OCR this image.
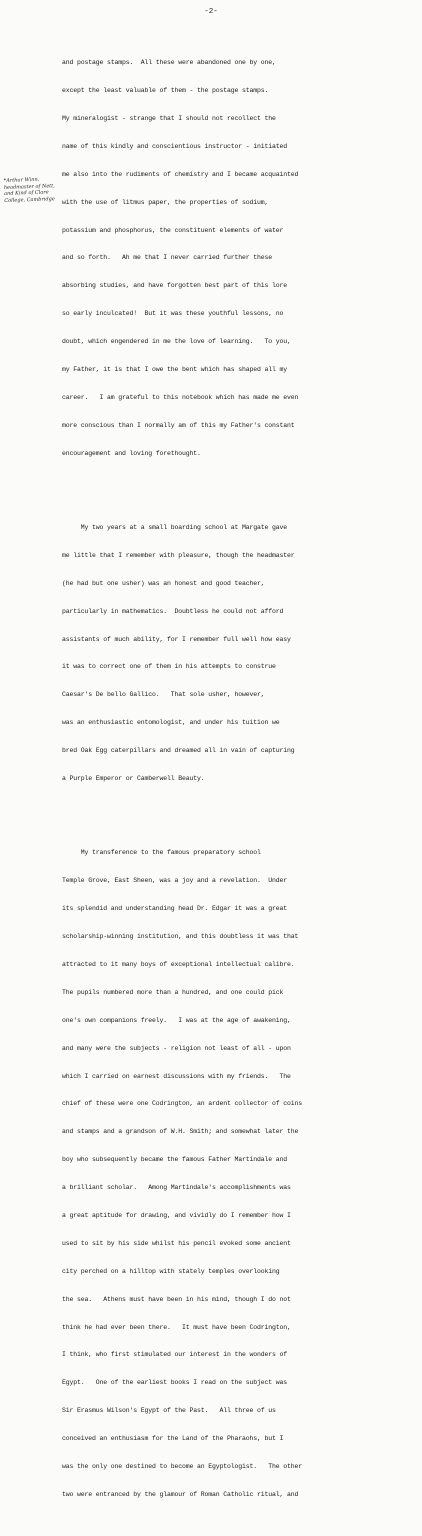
-2-

and postage stamps.  All these were abandoned one by one,

except the least valuable of them - the postage stamps.

My mineralogist - strange that I should not recollect the

name of this kindly and conscientious instructor - initiated

me also into the rudiments of chemistry and I became acquainted

with the use of litmus paper, the properties of sodium,

potassium and phosphorus, the constituent elements of water

and so forth.   Ah me that I never carried further these

absorbing studies, and have forgotten best part of this lore

so early inculcated!  But it was these youthful lessons, no

doubt, which engendered in me the love of learning.   To you,

my Father, it is that I owe the bent which has shaped all my

career.   I am grateful to this notebook which has made me even

more conscious than I normally am of this my Father's constant

encouragement and loving forethought.

My two years at a small boarding school at Margate gave

me little that I remember with pleasure, though the headmaster

(he had but one usher) was an honest and good teacher,

particularly in mathematics.  Doubtless he could not afford

assistants of much ability, for I remember full well how easy

it was to correct one of them in his attempts to construe

Caesar's De bello Gallico.   That sole usher, however,

was an enthusiastic entomologist, and under his tuition we

bred Oak Egg caterpillars and dreamed all in vain of capturing

a Purple Emperor or Camberwell Beauty.

My transference to the famous preparatory school

Temple Grove, East Sheen, was a joy and a revelation.  Under

its splendid and understanding head Dr. Edgar it was a great

scholarship-winning institution, and this doubtless it was that

attracted to it many boys of exceptional intellectual calibre.

The pupils numbered more than a hundred, and one could pick

one's own companions freely.   I was at the age of awakening,

and many were the subjects - religion not least of all - upon

which I carried on earnest discussions with my friends.   The

chief of these were one Codrington, an ardent collector of coins

and stamps and a grandson of W.H. Smith; and somewhat later the

boy who subsequently became the famous Father Martindale and

a brilliant scholar.   Among Martindale's accomplishments was

a great aptitude for drawing, and vividly do I remember how I

used to sit by his side whilst his pencil evoked some ancient

city perched on a hilltop with stately temples overlooking

the sea.   Athens must have been in his mind, though I do not

think he had ever been there.   It must have been Codrington,

I think, who first stimulated our interest in the wonders of

Egypt.   One of the earliest books I read on the subject was

Sir Erasmus Wilson's Egypt of the Past.   All three of us

conceived an enthusiasm for the Land of the Pharaohs, but I

was the only one destined to become an Egyptologist.   The other

two were entranced by the glamour of Roman Catholic ritual, and

*Arthur Winn, headmaster of Nett, and Kind of Clare College, Cambridge
